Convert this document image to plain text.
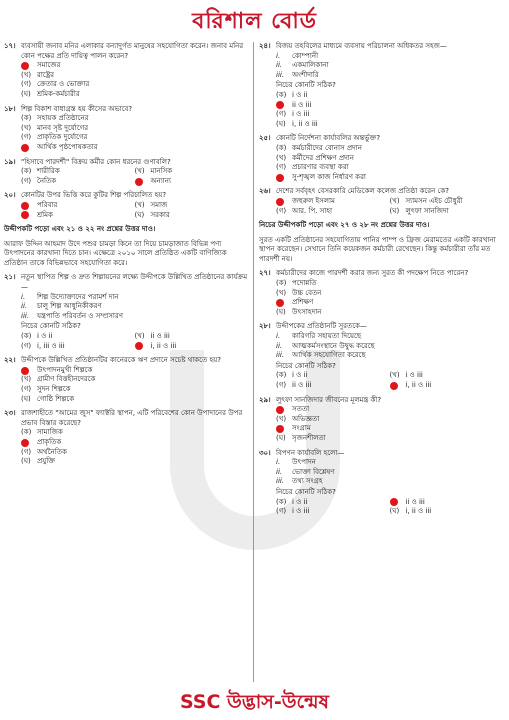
বরিশাল বোর্ড
১৭। ব্যবসায়ী জনাব মনির এলাকার বন্যাদুর্গত মানুষের সহযোগিতা করেন। জনাব মনির কোন পক্ষের প্রতি দায়িত্ব পালন করেন?
সমাজের
(খ) রাষ্ট্রের
(গ) ক্রেতার ও ভোক্তার
(ঘ) শ্রমিক-কর্মচারীর
১৮। শিল্প বিকাশ বাধাগ্রস্ত হয় কীসের অভাবে?
(ক) সহায়ক প্রতিষ্ঠানের
(খ) মানব সৃষ্ট দুর্যোগের
(গ) প্রাকৃতিক দুর্যোগের
আর্থিক পৃষ্ঠপোষকতার
১৯। "হিসাবে পারদর্শী" বিক্রয় কর্মীর কোন ধরনের গুণাবলি?
(ক) শারীরিক	(খ) মানসিক
(গ) নৈতিক	অন্যান্য
২০। কোনটির উপর ভিত্তি করে কুটির শিল্প পরিচালিত হয়?
পরিবার	(খ) সমাজ
শ্রমিক	(ঘ) সরকার
উদ্দীপকটি পড়ো এবং ২১ ও ২২ নং প্রশ্নের উত্তর দাও।
আরাফ উদ্দিন আহমাদ উদে পশুর চামড়া কিনে তা দিয়ে চামড়াজাত বিভিন্ন পণ্য উৎপাদনের কারখানা দিতে চান। এক্ষেত্রে ২০১০ সালে প্রতিষ্ঠিত একটি বাণিজ্যিক প্রতিষ্ঠান তাকে বিভিন্নভাবে সহযোগিতা করে।
২১। নতুন স্থাপিত শিল্প ও দ্রুত শিল্পায়নের লক্ষ্যে উদ্দীপকে উল্লিখিত প্রতিষ্ঠানের কার্যক্রম—
i.	শিল্প উদ্যোক্তাদের পরামর্শ দান
ii.	চালু শিল্প আধুনিকীকরণ
iii.	যন্ত্রপাতি পরিবর্তন ও সম্প্রসারণ
নিচের কোনটি সঠিক?
(ক) i ও ii	(খ) ii ও iii
(গ) i, iii ও iii	i, ii ও iii
২২। উদ্দীপকে উল্লিখিত প্রতিষ্ঠানটির কানেরকে ঋণ প্রদানে সচেষ্ট থাকতে হয়?
উৎপাদনমুখী শিল্পকে
(খ) গ্রামীণ বিত্তহীনদেরকে
(গ) সুদন শিল্পকে
(ঘ) গোষ্ঠি শিল্পকে
২৩। রাজশাহীতে "আমের জুস" ফ্যাক্টরি স্থাপন, এটি পরিবেশের কোন উপাদানের উপর প্রভাব বিস্তার করেছে?
(ক) সামাজিক
প্রাকৃতিক
(গ) অর্থনৈতিক
(ঘ) প্রযুক্তি
২৪। বিজয় তহবিলের মাধ্যমে ব্যবসায় পরিচালনা অধিকতর সহজ—
i.	কোম্পানী
ii.	একমালিকানা
iii.	অংশীদারি
নিচের কোনটি সঠিক?
(ক) i ও ii
ii ও iii
(গ) i ও iii
(ঘ) i, ii ও iii
২৫। কোনটি নির্দেশনা কার্যাবলির অন্তর্ভুক্ত?
(ক) কর্মচারীদের বোনাস প্রদান
(খ) কর্মীদের প্রশিক্ষণ প্রদান
(গ) প্রচারণার ব্যবস্থা করা
সু-শৃঙ্খল কাজ নির্ধারণ করা
২৬। দেশের সর্ববৃহৎ বেসরকারি মেডিকেল কলেজ প্রতিষ্ঠা করেন কে?
জহুরুল ইসলাম	(খ) স্যামসন এইচ চৌধুরী
(গ) আর. পি. সাহা	(ঘ) লুৎফা সানজিদা
নিচের উদ্দীপকটি পড়ো এবং ২৭ ও ২৮ নং প্রশ্নের উত্তর দাও।
সুরত একটি প্রতিষ্ঠানের সহযোগিতায় পানির পাম্প ও ফ্রিজ মেরামতের একটি কারখানা স্থাপন করেছেন। সেখানে তিনি কয়েকজন কর্মচারী রেখেছেন। কিন্তু কর্মচারীরা তাঁর মত পারদর্শী নয়।
২৭। কর্মচারীদের কাজে পারদর্শী করার জন্য সুরত কী পদক্ষেপ নিতে পারেন?
(ক) পদোন্নতি
(খ) উচ্চ বেতন
প্রশিক্ষণ
(ঘ) উৎসাহদান
২৮। উদ্দীপকের প্রতিষ্ঠানটি সুরতকে—
i.	কারিগরি সহায়তা দিয়েছে
ii.	আত্মকর্মসংস্থানে উদ্বুদ্ধ করেছে
iii.	আর্থিক সহযোগিতা করেছে
নিচের কোনটি সঠিক?
(ক) i ও ii	(খ) i ও iii
(গ) ii ও iii	i, ii ও iii
২৯। লুৎফা সানজিদার জীবনের মূলমন্ত্র কী?
সততা
(খ) অভিজ্ঞতা
সংগ্রাম
(ঘ) সৃজনশীলতা
৩০। বিপণন কার্যাবলি হলো—
i.	উৎপাদন
ii.	ভোক্তা বিশ্লেষণ
iii.	তথ্য সংগ্রহ
নিচের কোনটি সঠিক?
(ক) i ও ii	ii ও iii
(গ) i ও iii	(ঘ) i, ii ও iii
SSC উদ্ভাস-উন্মেষ
